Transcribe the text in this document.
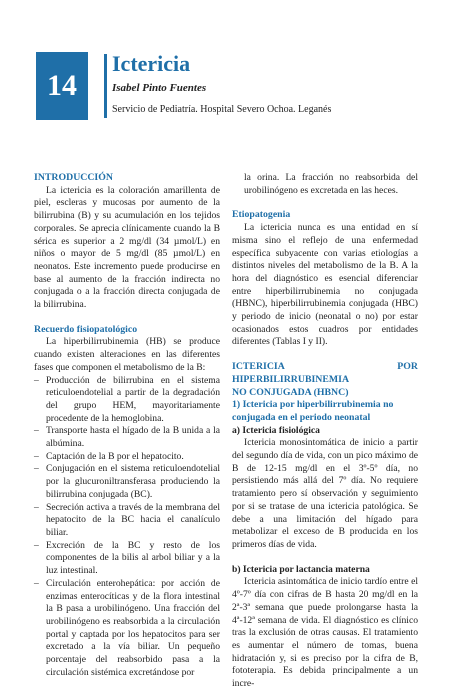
14
Ictericia
Isabel Pinto Fuentes
Servicio de Pediatría. Hospital Severo Ochoa. Leganés
INTRODUCCIÓN

La ictericia es la coloración amarillenta de piel, escleras y mucosas por aumento de la bilirrubina (B) y su acumulación en los tejidos corporales. Se aprecia clínicamente cuando la B sérica es superior a 2 mg/dl (34 µmol/L) en niños o mayor de 5 mg/dl (85 µmol/L) en neonatos. Este incremento puede producirse en base al aumento de la fracción indirecta no conjugada o a la fracción directa conjugada de la bilirrubina.

Recuerdo fisiopatológico

La hiperbilirrubinemia (HB) se produce cuando existen alteraciones en las diferentes fases que componen el metabolismo de la B:

– Producción de bilirrubina en el sistema reticuloendotelial a partir de la degradación del grupo HEM, mayoritariamente procedente de la hemoglobina.
– Transporte hasta el hígado de la B unida a la albúmina.
– Captación de la B por el hepatocito.
– Conjugación en el sistema reticuloendotelial por la glucuroniltransferasa produciendo la bilirrubina conjugada (BC).
– Secreción activa a través de la membrana del hepatocito de la BC hacia el canalículo biliar.
– Excreción de la BC y resto de los componentes de la bilis al arbol biliar y a la luz intestinal.
– Circulación enterohepática: por acción de enzimas enterocíticas y de la flora intestinal la B pasa a urobilinógeno. Una fracción del urobilinógeno es reabsorbida a la circulación portal y captada por los hepatocitos para ser excretado a la vía biliar. Un pequeño porcentaje del reabsorbido pasa a la circulación sistémica excretándose por

la orina. La fracción no reabsorbida del urobilinógeno es excretada en las heces.

Etiopatogenia

La ictericia nunca es una entidad en sí misma sino el reflejo de una enfermedad específica subyacente con varias etiologías a distintos niveles del metabolismo de la B. A la hora del diagnóstico es esencial diferenciar entre hiperbilirrubinemia no conjugada (HBNC), hiperbilirrubinemia conjugada (HBC) y periodo de inicio (neonatal o no) por estar ocasionados estos cuadros por entidades diferentes (Tablas I y II).

ICTERICIA POR HIPERBILIRRUBINEMIA
NO CONJUGADA (HBNC)
1) Ictericia por hiperbilirrubinemia no
conjugada en el periodo neonatal
a) Ictericia fisiológica

Ictericia monosintomática de inicio a partir del segundo día de vida, con un pico máximo de B de 12-15 mg/dl en el 3º-5º día, no persistiendo más allá del 7º día. No requiere tratamiento pero sí observación y seguimiento por si se tratase de una ictericia patológica. Se debe a una limitación del hígado para metabolizar el exceso de B producida en los primeros días de vida.

b) Ictericia por lactancia materna

Ictericia asintomática de inicio tardío entre el 4º-7º día con cifras de B hasta 20 mg/dl en la 2ª-3ª semana que puede prolongarse hasta la 4ª-12ª semana de vida. El diagnóstico es clínico tras la exclusión de otras causas. El tratamiento es aumentar el número de tomas, buena hidratación y, si es preciso por la cifra de B, fototerapia. Es debida principalmente a un incre-
